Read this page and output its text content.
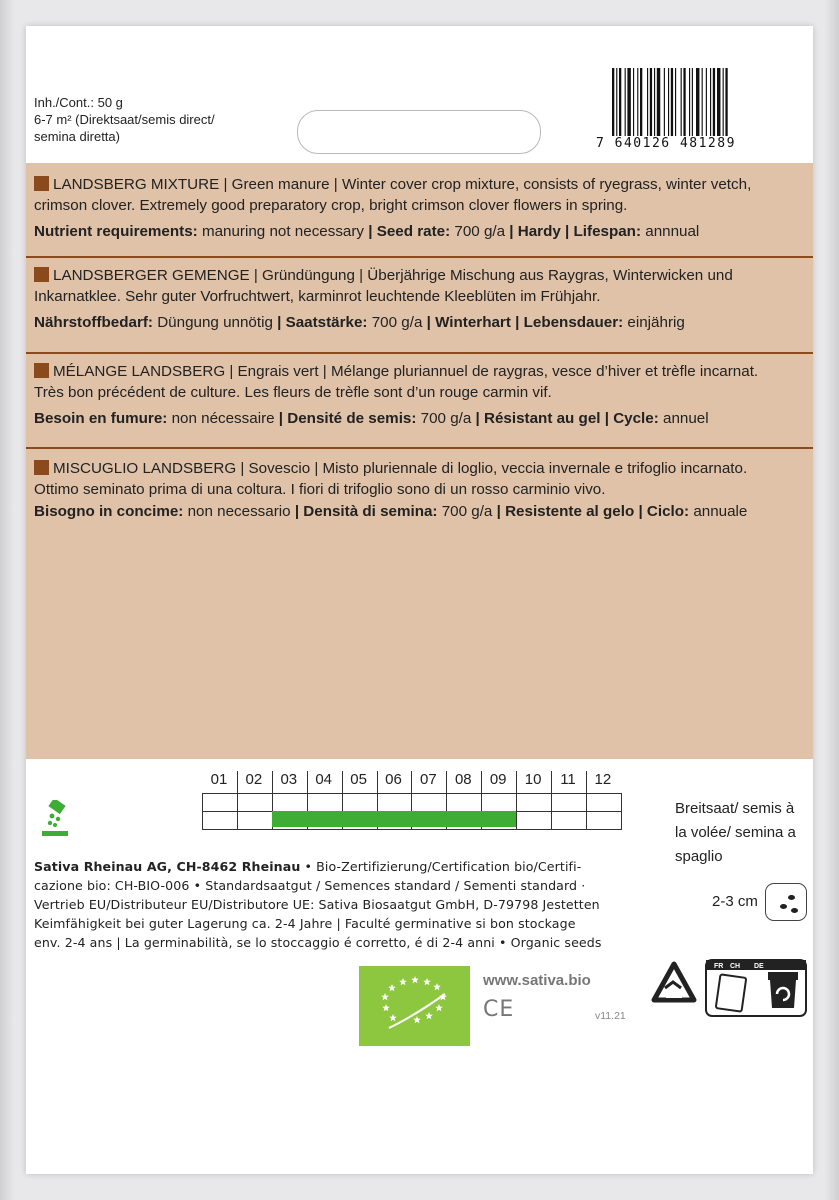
Inh./Cont.: 50 g
6-7 m² (Direktsaat/semis direct/
semina diretta)	7 640126 481289

LANDSBERG MIXTURE | Green manure | Winter cover crop mixture, consists of ryegrass, winter vetch,

crimson clover. Extremely good preparatory crop, bright crimson clover flowers in spring.

Nutrient requirements: manuring not necessary | Seed rate: 700 g/a | Hardy | Lifespan: annnual

LANDSBERGER GEMENGE | Gründüngung | Überjährige Mischung aus Raygras, Winterwicken und

Inkarnatklee. Sehr guter Vorfruchtwert, karminrot leuchtende Kleeblüten im Frühjahr.

Nährstoffbedarf: Düngung unnötig | Saatstärke: 700 g/a | Winterhart | Lebensdauer: einjährig

MÉLANGE LANDSBERG | Engrais vert | Mélange pluriannuel de raygras, vesce d’hiver et trèfle incarnat.

Très bon précédent de culture. Les fleurs de trèfle sont d’un rouge carmin vif.

Besoin en fumure: non nécessaire | Densité de semis: 700 g/a | Résistant au gel | Cycle: annuel

MISCUGLIO LANDSBERG | Sovescio | Misto pluriennale di loglio, veccia invernale e trifoglio incarnato.

Ottimo seminato prima di una coltura. I fiori di trifoglio sono di un rosso carminio vivo.

Bisogno in concime: non necessario | Densità di semina: 700 g/a | Resistente al gelo | Ciclo: annuale

01	02	03	04	05	06	07	08	09	10	11	12
Breitsaat/ semis à
la volée/ semina a
spaglio
2-3 cm

Sativa Rheinau AG, CH-8462 Rheinau • Bio-Zertifizierung/Certification bio/Certifi-

cazione bio: CH-BIO-006 • Standardsaatgut / Semences standard / Sementi standard ·

Vertrieb EU/Distributeur EU/Distributore UE: Sativa Biosaatgut GmbH, D-79798 Jestetten

Keimfähigkeit bei guter Lagerung ca. 2-4 Jahre | Faculté germinative si bon stockage

env. 2-4 ans | La germinabilità, se lo stoccaggio é corretto, é di 2-4 anni • Organic seeds

www.sativa.bio
CE	v11.21
FR CH DE
